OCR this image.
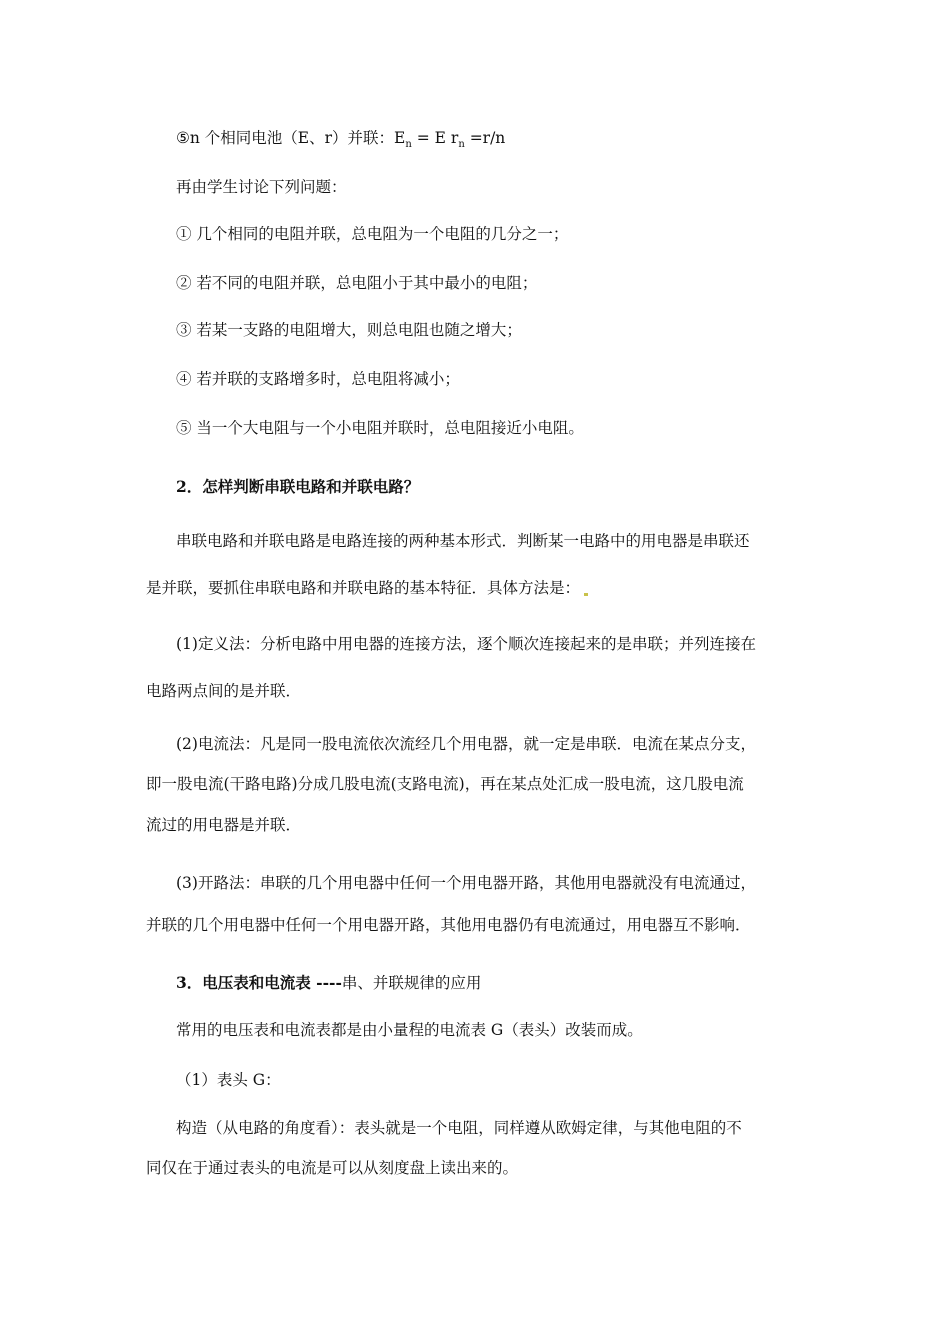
⑤n 个相同电池（E、r）并联：$E_n = E$ $r_n =r/n$
再由学生讨论下列问题：
① 几个相同的电阻并联，总电阻为一个电阻的几分之一；
② 若不同的电阻并联，总电阻小于其中最小的电阻；
③ 若某一支路的电阻增大，则总电阻也随之增大；
④ 若并联的支路增多时，总电阻将减小；
⑤ 当一个大电阻与一个小电阻并联时，总电阻接近小电阻。
2．怎样判断串联电路和并联电路？
串联电路和并联电路是电路连接的两种基本形式．判断某一电路中的用电器是串联还
是并联，要抓住串联电路和并联电路的基本特征．具体方法是：
(1)定义法：分析电路中用电器的连接方法，逐个顺次连接起来的是串联；并列连接在
电路两点间的是并联．
(2)电流法：凡是同一股电流依次流经几个用电器，就一定是串联．电流在某点分支，
即一股电流(干路电路)分成几股电流(支路电流)，再在某点处汇成一股电流，这几股电流
流过的用电器是并联．
(3)开路法：串联的几个用电器中任何一个用电器开路，其他用电器就没有电流通过，
并联的几个用电器中任何一个用电器开路，其他用电器仍有电流通过，用电器互不影响．
3．电压表和电流表 ----串、并联规律的应用
常用的电压表和电流表都是由小量程的电流表 G（表头）改装而成。
（1）表头 G：
构造（从电路的角度看）：表头就是一个电阻，同样遵从欧姆定律，与其他电阻的不
同仅在于通过表头的电流是可以从刻度盘上读出来的。
